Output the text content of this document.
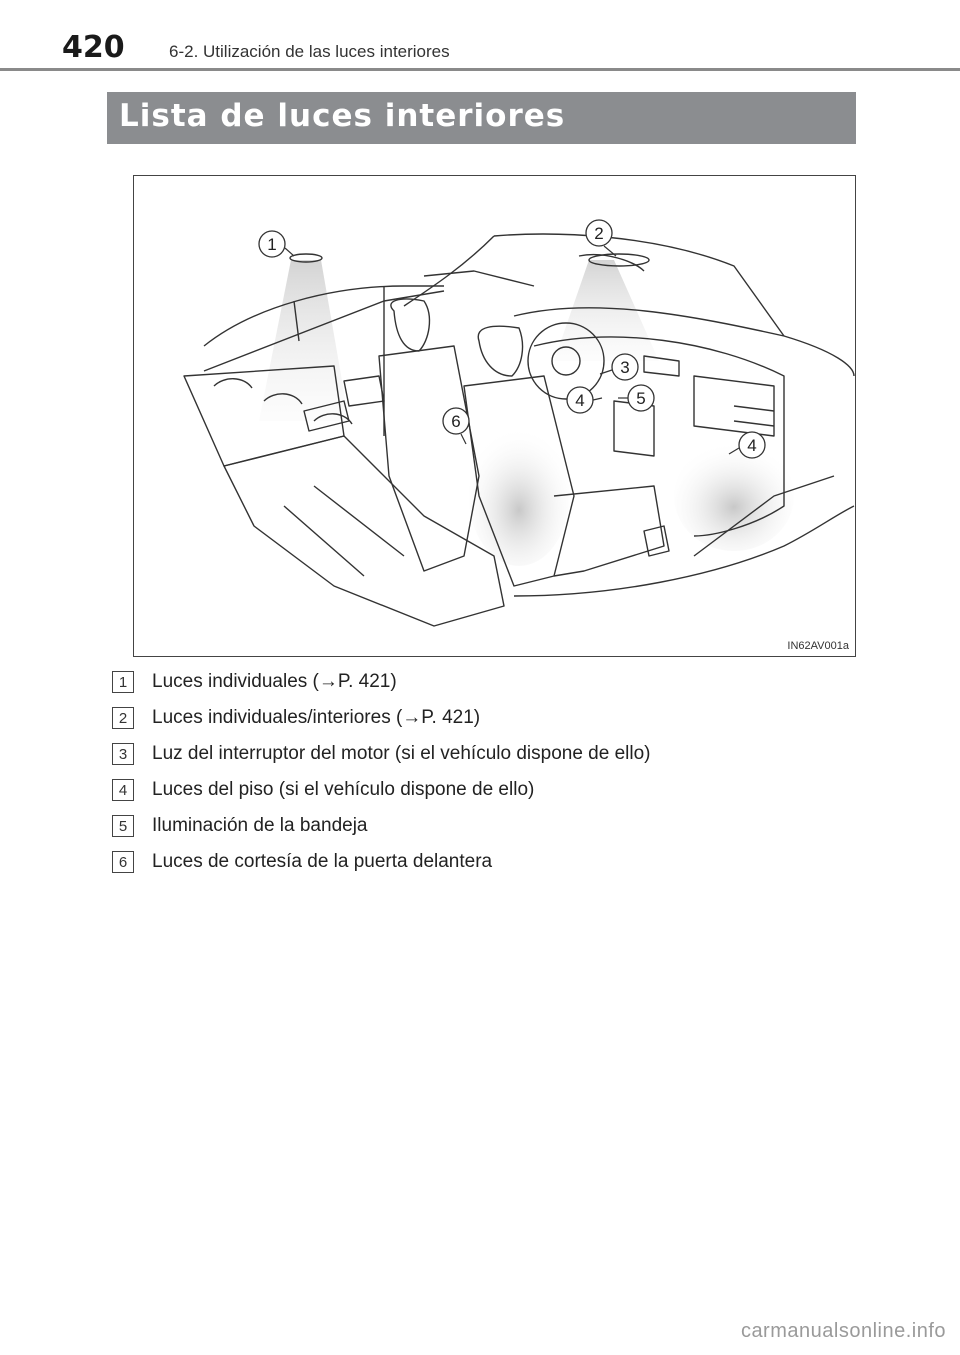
420	6-2. Utilización de las luces interiores
Lista de luces interiores
1
2
3
4	5
4
6
IN62AV001a
1	Luces individuales (→P. 421)
2	Luces individuales/interiores (→P. 421)
3	Luz del interruptor del motor (si el vehículo dispone de ello)
4	Luces del piso (si el vehículo dispone de ello)
5	Iluminación de la bandeja
6	Luces de cortesía de la puerta delantera
carmanualsonline.info
